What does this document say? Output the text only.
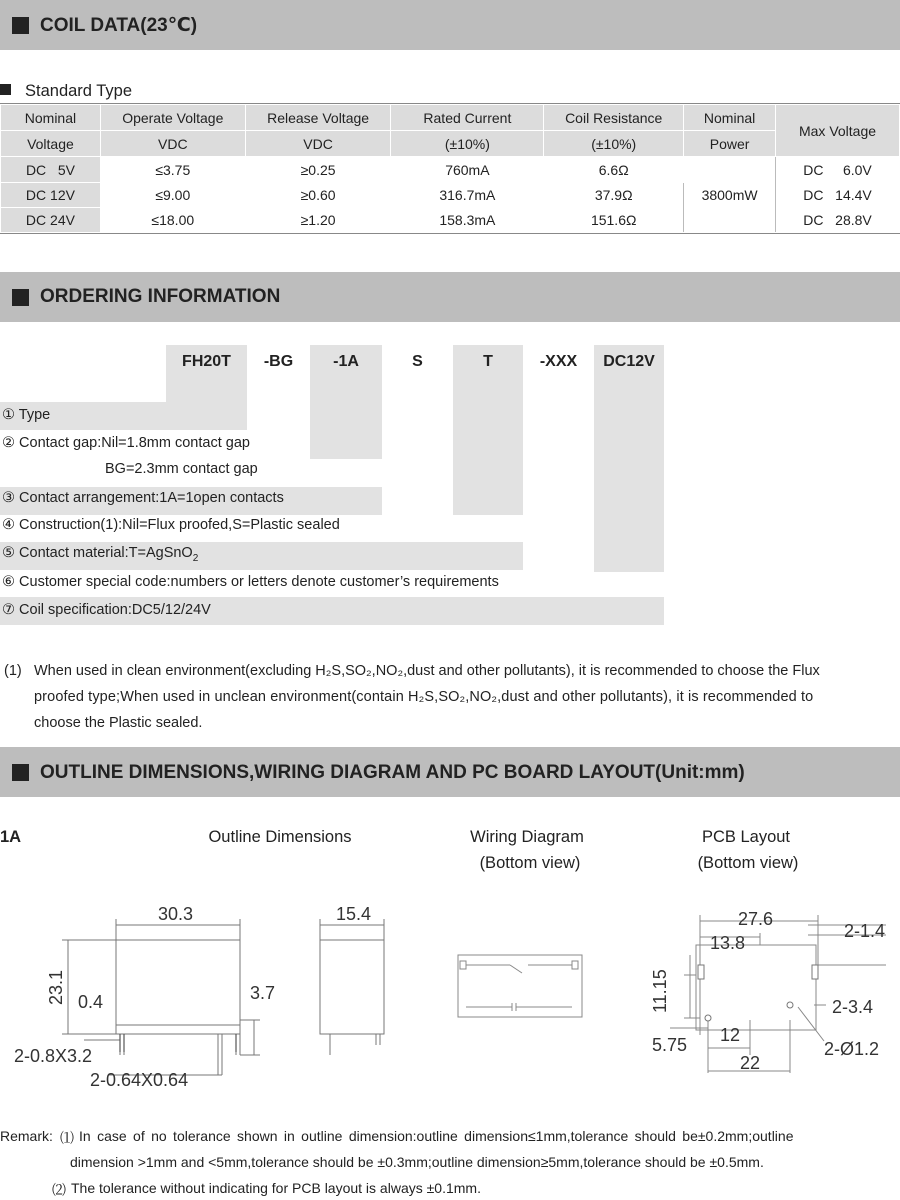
COIL DATA(23℃)
Standard Type
Nominal	Operate Voltage	Release Voltage	Rated Current	Coil Resistance	Nominal	Max Voltage
Voltage	VDC	VDC	(±10%)	(±10%)	Power	
DC   5V	≤3.75	≥0.25	760mA	6.6Ω	3800mW	DC     6.0V
DC 12V	≤9.00	≥0.60	316.7mA	37.9Ω		DC   14.4V
DC 24V	≤18.00	≥1.20	158.3mA	151.6Ω		DC   28.8V
ORDERING INFORMATION
FH20T	-BG	-1A	S	T	-XXX	DC12V
① Type
② Contact gap:Nil=1.8mm contact gap
BG=2.3mm contact gap
③ Contact arrangement:1A=1open contacts
④ Construction(1):Nil=Flux proofed,S=Plastic sealed
⑤ Contact material:T=AgSnO$_2$
⑥ Customer special code:numbers or letters denote customer’s requirements
⑦ Coil specification:DC5/12/24V
(1) When used in clean environment(excluding H₂S,SO₂,NO₂,dust and other pollutants), it is recommended to choose the Flux
proofed type;When used in unclean environment(contain H₂S,SO₂,NO₂,dust and other pollutants), it is recommended to
choose the Plastic sealed.
OUTLINE DIMENSIONS,WIRING DIAGRAM AND PC BOARD LAYOUT(Unit:mm)
1A	Outline Dimensions	Wiring Diagram
(Bottom view)
PCB Layout
(Bottom view)
30.3
23.1 0.4	3.7
2-0.8X3.2
2-0.64X0.64
15.4	27.6
13.8
2-1.4
11.15	2-3.4
5.75 12
2-Ø1.2
22
Remark: ⑴ In case of no tolerance shown in outline dimension:outline dimension≤1mm,tolerance should be±0.2mm;outline
dimension >1mm and <5mm,tolerance should be ±0.3mm;outline dimension≥5mm,tolerance should be ±0.5mm.
⑵ The tolerance without indicating for PCB layout is always ±0.1mm.
